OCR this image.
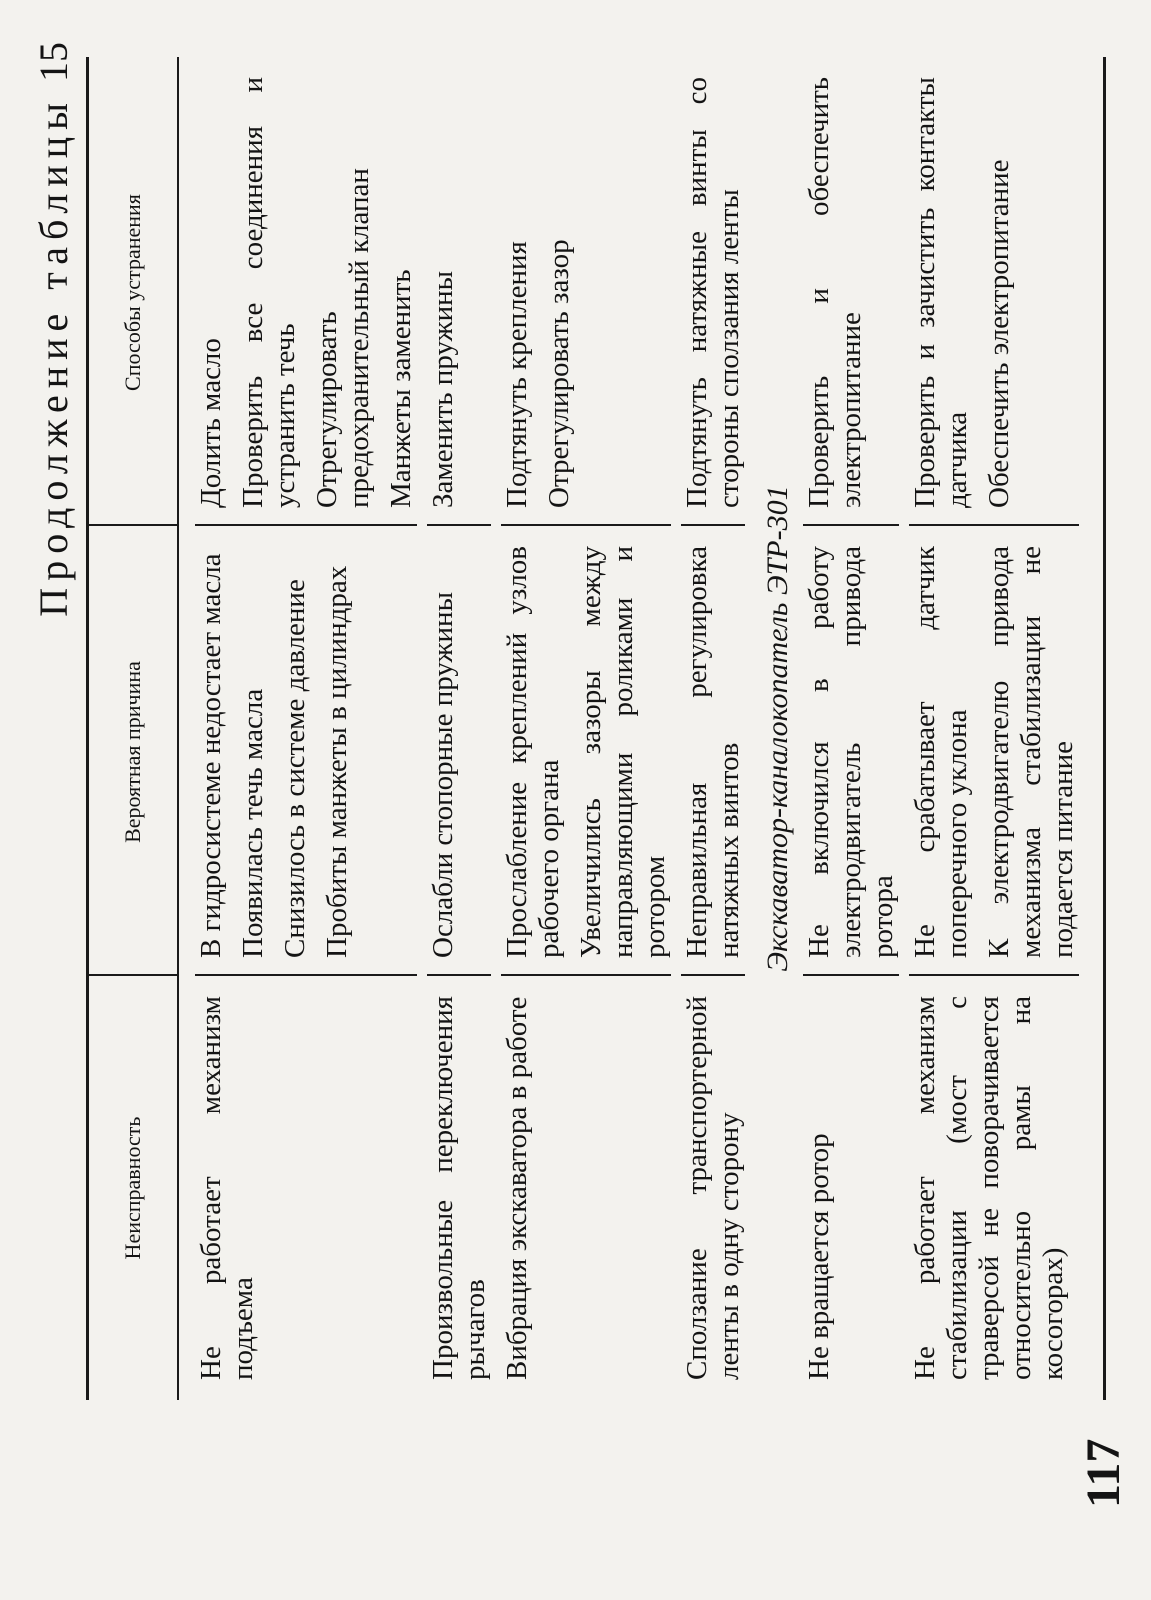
Продолжение таблицы15
Неисправность
Вероятная причина
Способы устранения
Не работает механизм подъема
В гидросистеме недостает масла Появилась течь масла Снизилось в системе давление Пробиты манжеты в цилиндрах
Долить масло Проверить все соединения и устранить течь Отрегулировать предохранительный клапан Манжеты заменить
Произвольные переключения рычагов
Ослабли стопорные пружины
Заменить пружины
Вибрация экскаватора в работе
Прослабление креплений узлов рабочего органа Увеличились зазоры между направляющими роликами и ротором
Подтянуть крепления Отрегулировать зазор
Сползание транспортерной ленты в одну сторону
Неправильная регулировка натяжных винтов
Подтянуть натяжные винты со стороны сползания ленты
Экскаватор-каналокопатель ЭТР-301
Не вращается ротор
Не включился в работу электродвигатель привода ротора
Проверить и обеспечить электропитание
Не работает механизм стабилизации (мост с траверсой не поворачивается относительно рамы на косогорах)
Не срабатывает датчик поперечного уклона К электродвигателю привода механизма стабилизации не подается питание
Проверить и зачистить контакты датчика Обеспечить электропитание
117
